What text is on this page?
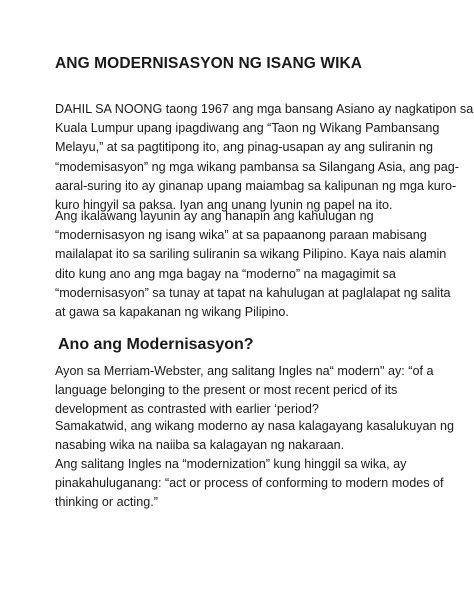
ANG MODERNISASYON NG ISANG WIKA
DAHIL SA NOONG taong 1967 ang mga bansang Asiano ay nagkatipon sa
Kuala Lumpur upang ipagdiwang ang “Taon ng Wikang Pambansang
Melayu,” at sa pagtitipong ito, ang pinag-usapan ay ang suliranin ng
“modemisasyon” ng mga wikang pambansa sa Silangang Asia, ang pag-
aaral-suring ito ay ginanap upang maiambag sa kalipunan ng mga kuro-
kuro hingyil sa paksa. Iyan ang unang lyunin ng papel na ito.
Ang ikalawang layunin ay ang hanapin ang kahulugan ng
“modernisasyon ng isang wika” at sa papaanong paraan mabisang
mailalapat ito sa sariling suliranin sa wikang Pilipino. Kaya nais alamin
dito kung ano ang mga bagay na “moderno” na magagimit sa
“modernisasyon” sa tunay at tapat na kahulugan at paglalapat ng salita
at gawa sa kapakanan ng wikang Pilipino.
Ano ang Modernisasyon?
Ayon sa Merriam-Webster, ang salitang Ingles na“ modern" ay: “of a
language belonging to the present or most recent pericd of its
development as contrasted with earlier ‘period?
Samakatwid, ang wikang moderno ay nasa kalagayang kasalukuyan ng
nasabing wika na naiiba sa kalagayan ng nakaraan.
Ang salitang Ingles na “modernization” kung hinggil sa wika, ay
pinakahuluganang: “act or process of conforming to modern modes of
thinking or acting.”
